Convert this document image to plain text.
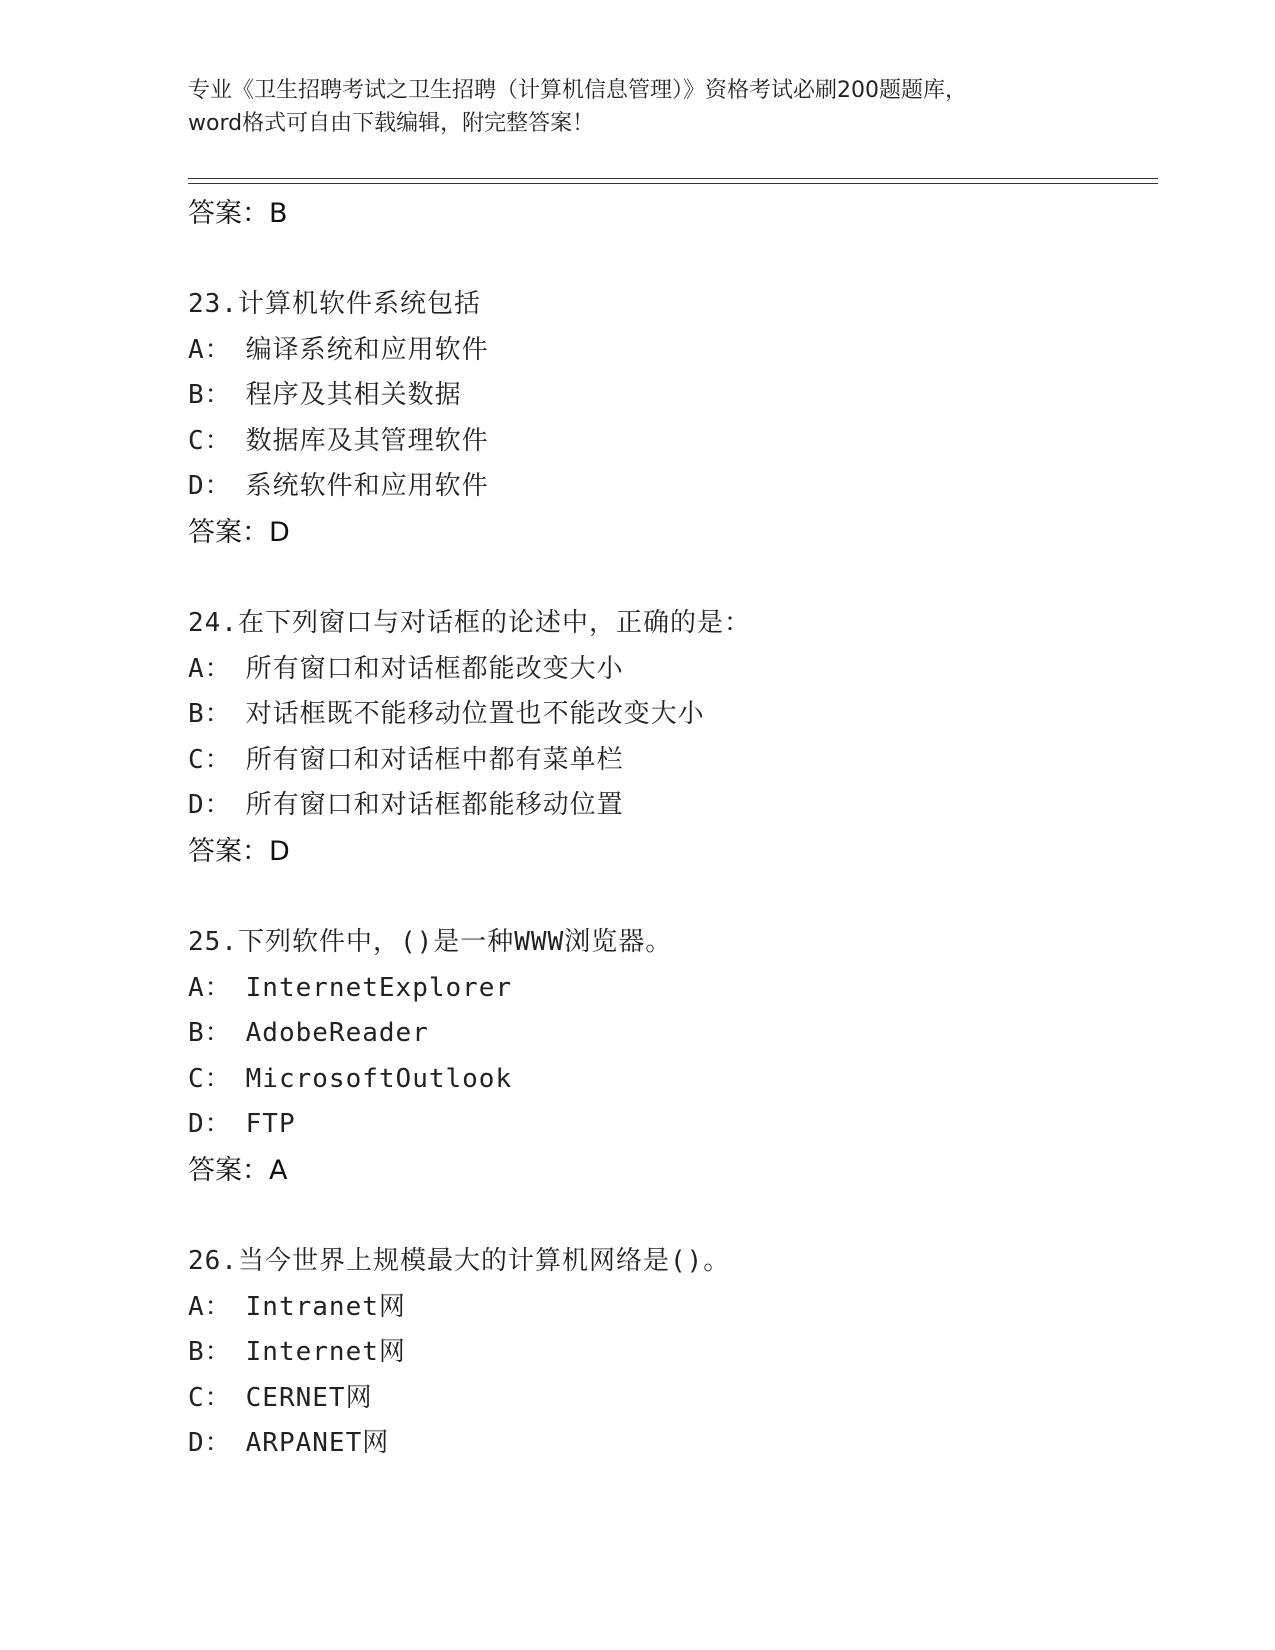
专业《卫生招聘考试之卫生招聘（计算机信息管理）》资格考试必刷200题题库，
word格式可自由下载编辑，附完整答案！
答案：B
23.计算机软件系统包括
A： 编译系统和应用软件
B： 程序及其相关数据
C： 数据库及其管理软件
D： 系统软件和应用软件
答案：D
24.在下列窗口与对话框的论述中，正确的是：
A： 所有窗口和对话框都能改变大小
B： 对话框既不能移动位置也不能改变大小
C： 所有窗口和对话框中都有菜单栏
D： 所有窗口和对话框都能移动位置
答案：D
25.下列软件中，()是一种WWW浏览器。
A： InternetExplorer
B： AdobeReader
C： MicrosoftOutlook
D： FTP
答案：A
26.当今世界上规模最大的计算机网络是()。
A： Intranet网
B： Internet网
C： CERNET网
D： ARPANET网
